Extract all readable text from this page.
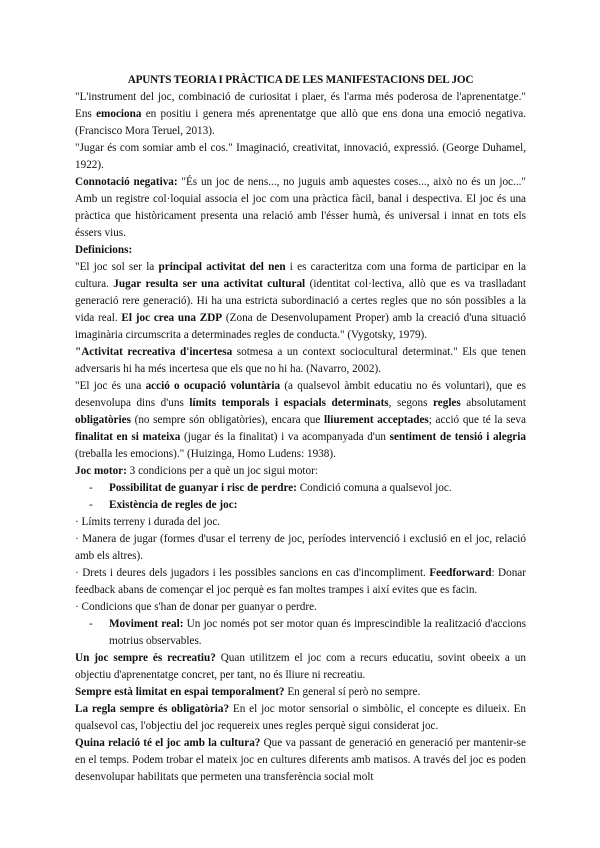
APUNTS TEORIA I PRÀCTICA DE LES MANIFESTACIONS DEL JOC

"L'instrument del joc, combinació de curiositat i plaer, és l'arma més poderosa de l'aprenentatge." Ens emociona en positiu i genera més aprenentatge que allò que ens dona una emoció negativa. (Francisco Mora Teruel, 2013).

"Jugar és com somiar amb el cos." Imaginació, creativitat, innovació, expressió. (George Duhamel, 1922).

Connotació negativa: "És un joc de nens..., no juguis amb aquestes coses..., això no és un joc..." Amb un registre col·loquial associa el joc com una pràctica fàcil, banal i despectiva. El joc és una pràctica que històricament presenta una relació amb l'ésser humà, és universal i innat en tots els éssers vius.

Definicions:

"El joc sol ser la principal activitat del nen i es caracteritza com una forma de participar en la cultura. Jugar resulta ser una activitat cultural (identitat col·lectiva, allò que es va traslladant generació rere generació). Hi ha una estricta subordinació a certes regles que no són possibles a la vida real. El joc crea una ZDP (Zona de Desenvolupament Proper) amb la creació d'una situació imaginària circumscrita a determinades regles de conducta." (Vygotsky, 1979).

"Activitat recreativa d'incertesa sotmesa a un context sociocultural determinat." Els que tenen adversaris hi ha més incertesa que els que no hi ha. (Navarro, 2002).

"El joc és una acció o ocupació voluntària (a qualsevol àmbit educatiu no és voluntari), que es desenvolupa dins d'uns límits temporals i espacials determinats, segons regles absolutament obligatòries (no sempre són obligatòries), encara que lliurement acceptades; acció que té la seva finalitat en si mateixa (jugar és la finalitat) i va acompanyada d'un sentiment de tensió i alegria (treballa les emocions)." (Huizinga, Homo Ludens: 1938).

Joc motor: 3 condicions per a què un joc sigui motor:

-	Possibilitat de guanyar i risc de perdre: Condició comuna a qualsevol joc.
-	Existència de regles de joc:

· Límits terreny i durada del joc.

· Manera de jugar (formes d'usar el terreny de joc, períodes intervenció i exclusió en el joc, relació amb els altres).

· Drets i deures dels jugadors i les possibles sancions en cas d'incompliment. Feedforward: Donar feedback abans de començar el joc perquè es fan moltes trampes i així evites que es facin.

· Condicions que s'han de donar per guanyar o perdre.

-	Moviment real: Un joc només pot ser motor quan és imprescindible la realització d'accions motrius observables.

Un joc sempre és recreatiu? Quan utilitzem el joc com a recurs educatiu, sovint obeeix a un objectiu d'aprenentatge concret, per tant, no és lliure ni recreatiu.

Sempre està limitat en espai temporalment? En general sí però no sempre.

La regla sempre és obligatòria? En el joc motor sensorial o simbòlic, el concepte es dilueix. En qualsevol cas, l'objectiu del joc requereix unes regles perquè sigui considerat joc.

Quina relació té el joc amb la cultura? Que va passant de generació en generació per mantenir-se en el temps. Podem trobar el mateix joc en cultures diferents amb matisos. A través del joc es poden desenvolupar habilitats que permeten una transferència social molt
